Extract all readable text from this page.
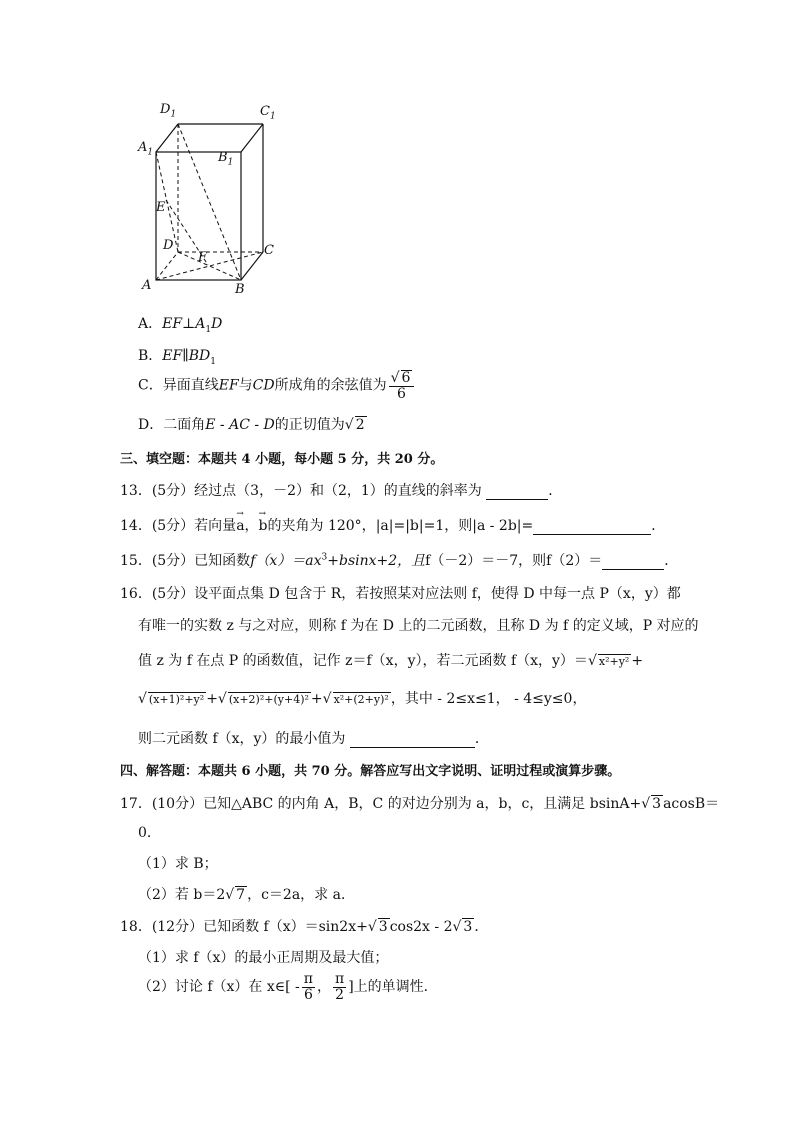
$D_1$	$C_1$
$A_1$	$B_1$
E
D
F	C
A	B
A．$EF\perp A_1D$
B．$EF\parallel BD_1$
C．异面直线EF与CD所成角的余弦值为 $\frac{√ 6}{6}$
D．二面角E - AC - D的正切值为√ 2
三、填空题：本题共 4 小题，每小题 5 分，共 20 分。
13．(5分）经过点（3，－2）和（2，1）的直线的斜率为	．
14．(5分）若向量→ a，→ b的夹角为 120°，|a|=|b|=1，则|a - 2b|=	．
15．(5分）已知函数$f(x)=ax^3+bsinx+2$，且f（－2）＝－7，则f（2）＝	．
16．(5分）设平面点集 D 包含于 R，若按照某对应法则 f，使得 D 中每一点 P（x，y）都
有唯一的实数 z 与之对应，则称 f 为在 D 上的二元函数，且称 D 为 f 的定义域，P 对应的
值 z 为 f 在点 P 的函数值，记作 z＝f（x，y），若二元函数 f（x，y）＝√ x²+y² +
√ (x+1)²+y² +√ (x+2)²+(y+4)² +√ x²+(2+y)² ，其中 - 2≤x≤1， - 4≤y≤0，
则二元函数 f（x，y）的最小值为	．
四、解答题：本题共 6 小题，共 70 分。解答应写出文字说明、证明过程或演算步骤。
17．(10分）已知△ABC 的内角 A，B，C 的对边分别为 a，b，c，且满足 bsinA+√ 3 acosB＝
0．
（1）求 B；
（2）若 b＝2√ 7 ，c＝2a，求 a．
18．(12分）已知函数 f（x）＝sin2x+√ 3 cos2x - 2√ 3 ．
（1）求 f（x）的最小正周期及最大值；
（2）讨论 f（x）在 x∈[ - $\frac{\pi}{6}$ ， $\frac{\pi}{2}$ ]上的单调性．
